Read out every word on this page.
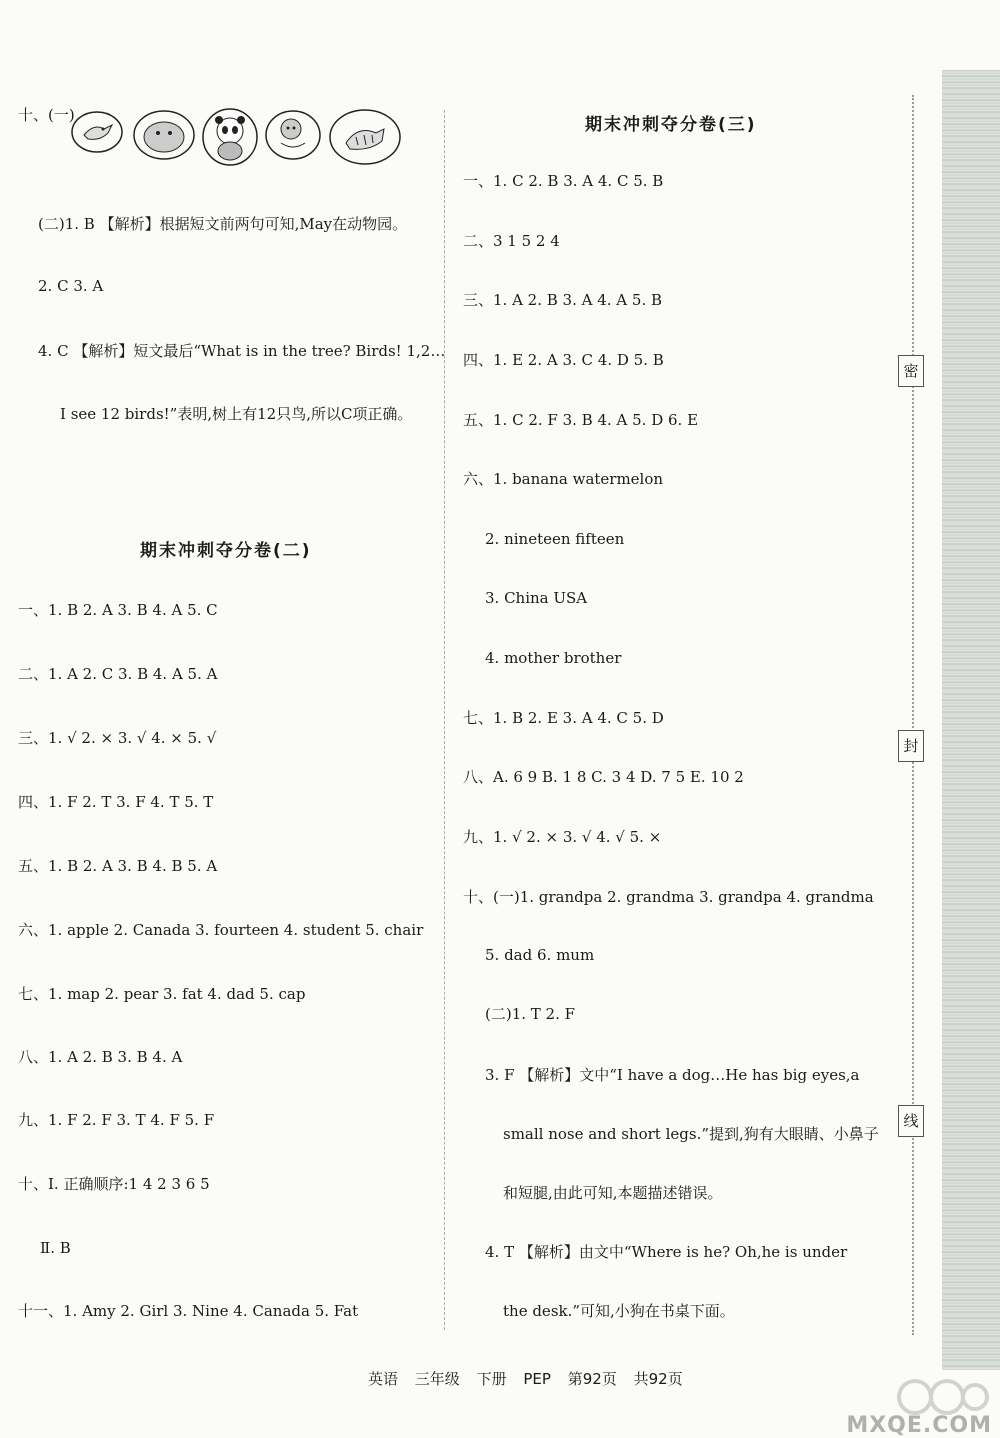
密
封
线
十、(一)
(二)1. B 【解析】根据短文前两句可知,May在动物园。
2. C 3. A
4. C 【解析】短文最后“What is in the tree? Birds! 1,2…
I see 12 birds!”表明,树上有12只鸟,所以C项正确。
期末冲刺夺分卷(二)
一、1. B 2. A 3. B 4. A 5. C
二、1. A 2. C 3. B 4. A 5. A
三、1. √ 2. × 3. √ 4. × 5. √
四、1. F 2. T 3. F 4. T 5. T
五、1. B 2. A 3. B 4. B 5. A
六、1. apple 2. Canada 3. fourteen 4. student 5. chair
七、1. map 2. pear 3. fat 4. dad 5. cap
八、1. A 2. B 3. B 4. A
九、1. F 2. F 3. T 4. F 5. F
十、Ⅰ. 正确顺序:1 4 2 3 6 5
Ⅱ. B
十一、1. Amy 2. Girl 3. Nine 4. Canada 5. Fat
期末冲刺夺分卷(三)
一、1. C 2. B 3. A 4. C 5. B
二、3 1 5 2 4
三、1. A 2. B 3. A 4. A 5. B
四、1. E 2. A 3. C 4. D 5. B
五、1. C 2. F 3. B 4. A 5. D 6. E
六、1. banana watermelon
2. nineteen fifteen
3. China USA
4. mother brother
七、1. B 2. E 3. A 4. C 5. D
八、A. 6 9 B. 1 8 C. 3 4 D. 7 5 E. 10 2
九、1. √ 2. × 3. √ 4. √ 5. ×
十、(一)1. grandpa 2. grandma 3. grandpa 4. grandma
5. dad 6. mum
(二)1. T 2. F
3. F 【解析】文中“I have a dog…He has big eyes,a
small nose and short legs.”提到,狗有大眼睛、小鼻子
和短腿,由此可知,本题描述错误。
4. T 【解析】由文中“Where is he? Oh,he is under
the desk.”可知,小狗在书桌下面。
英语 三年级 下册 PEP 第92页 共92页
MXQE.COM
